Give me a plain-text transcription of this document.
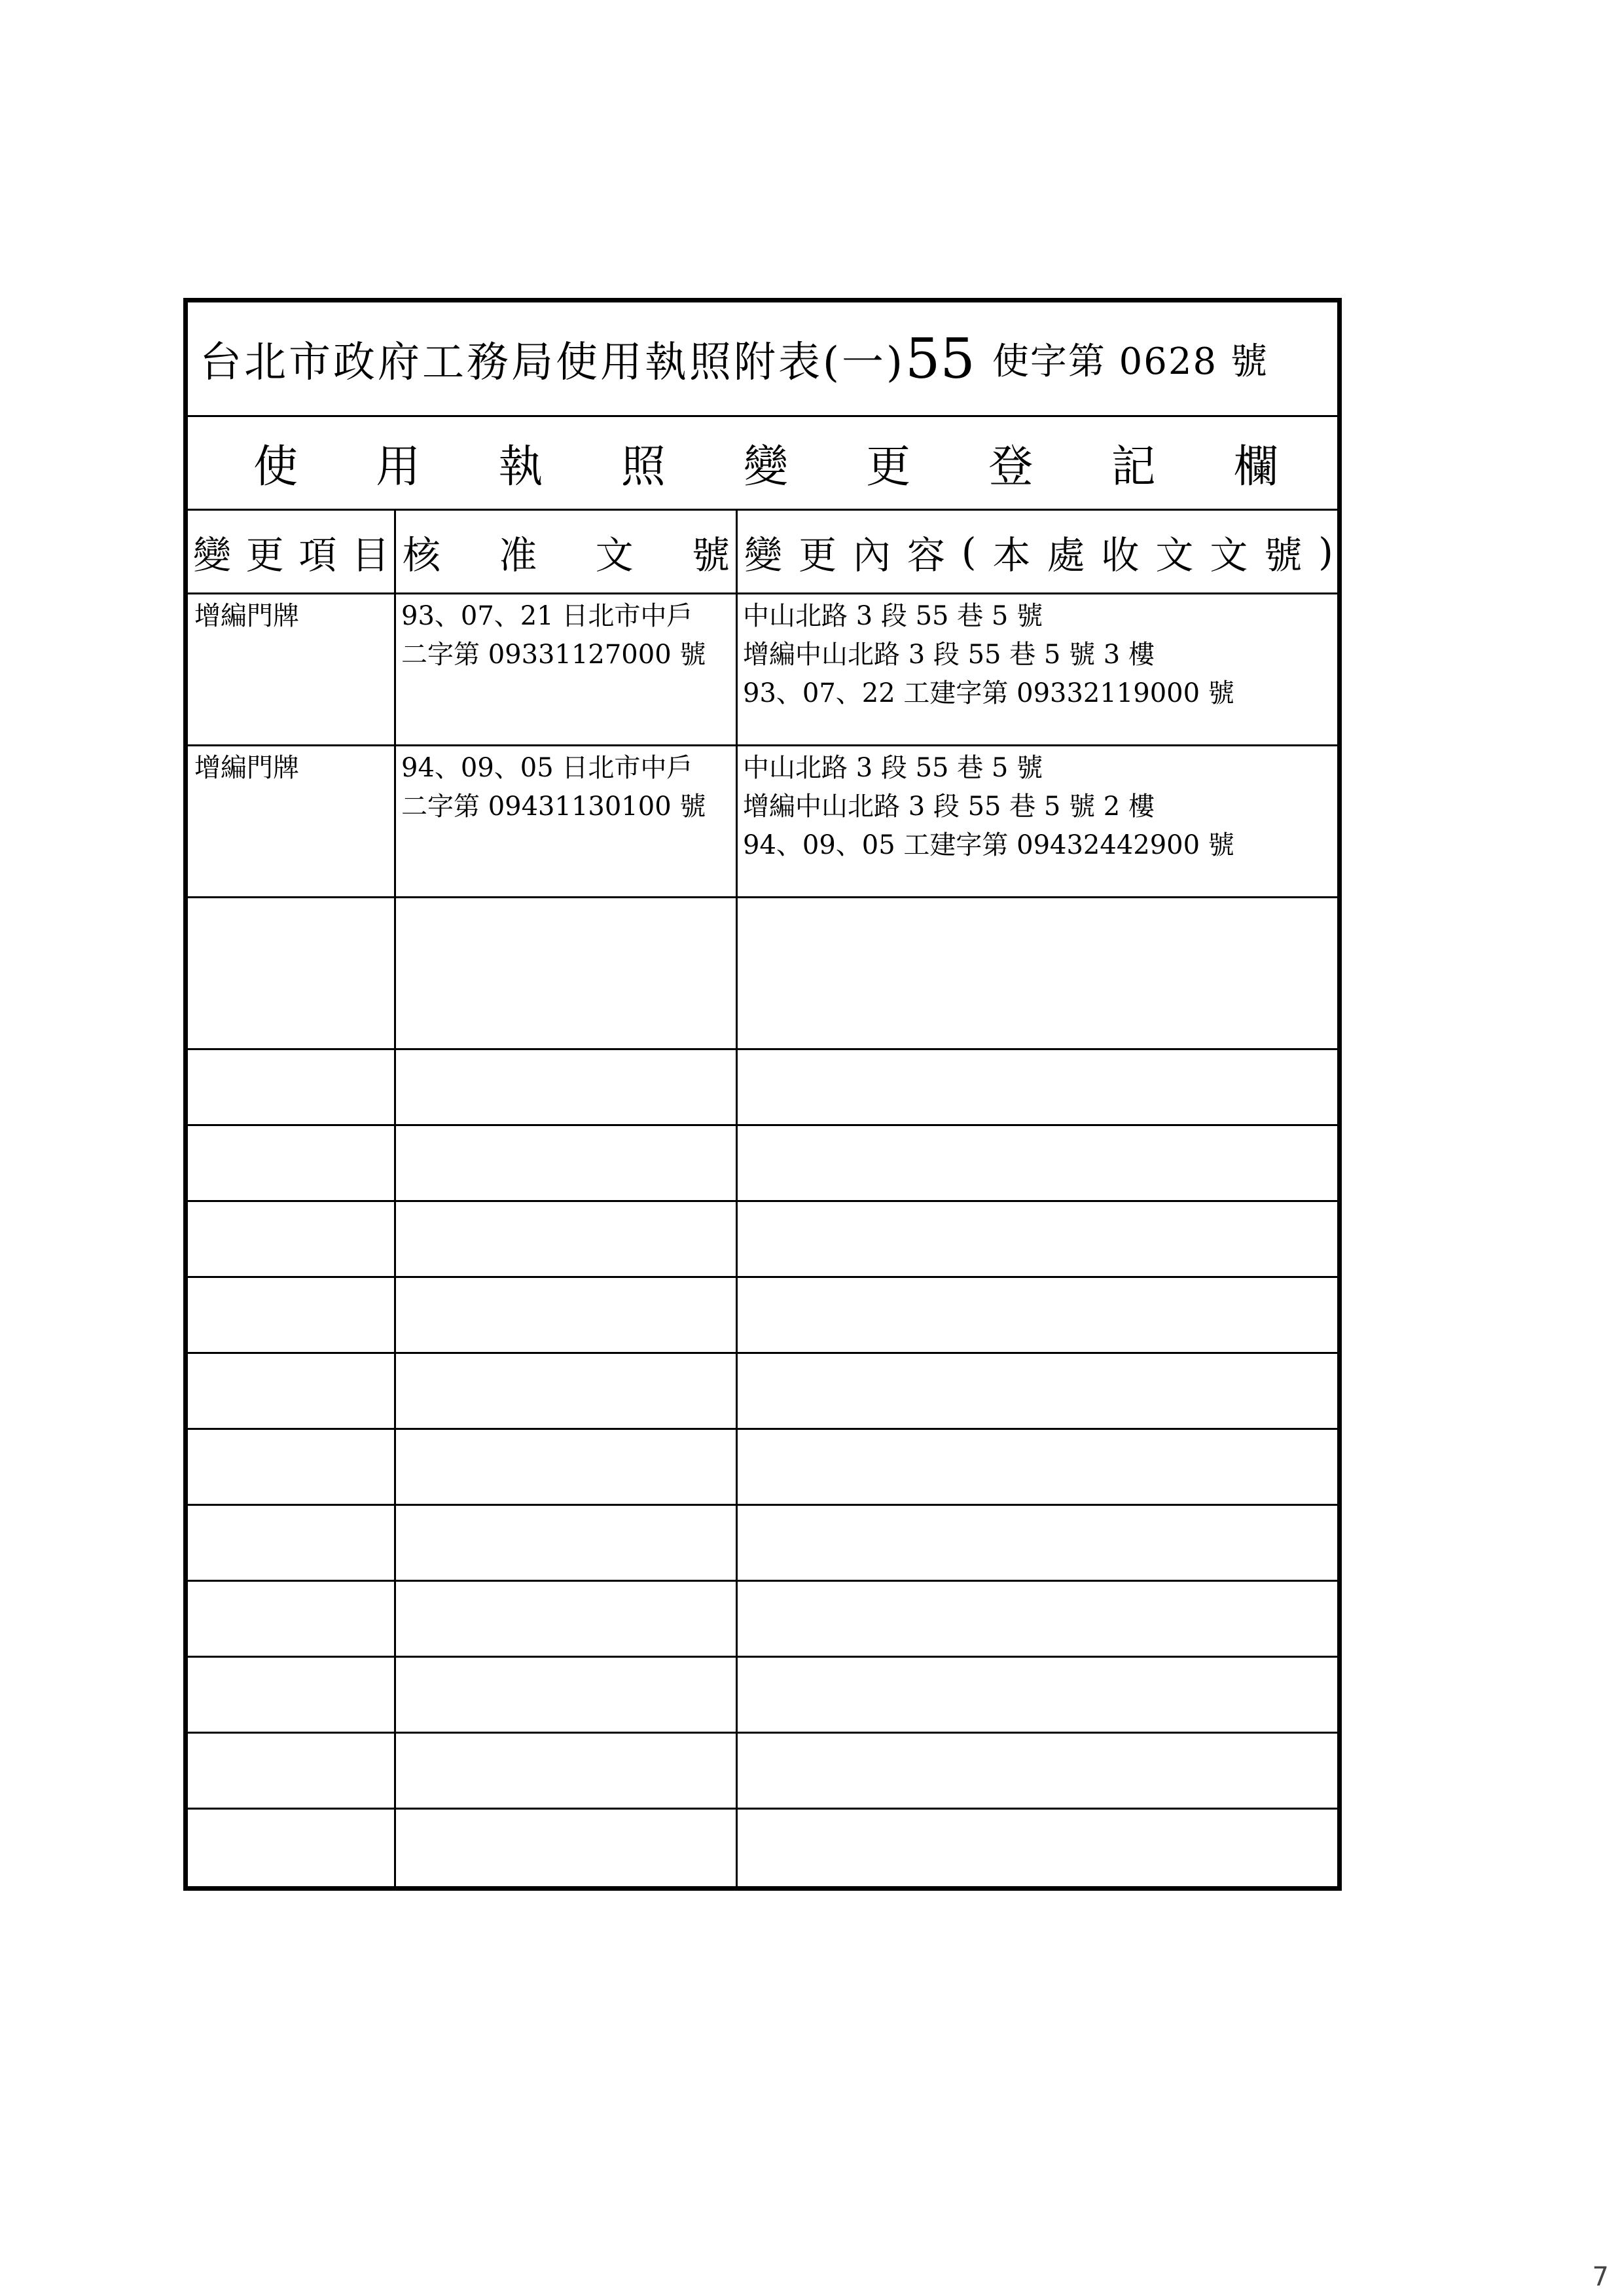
台北市政府工務局使用執照附表(一) 55 使字第 0628 號
使 用 執 照 變 更 登 記 欄
變 更 項 目 核 准 文 號 變 更 內 容 ( 本 處 收 文 文 號 )
增編門牌	93、07、21 日北市中戶
二字第 09331127000 號
中山北路 3 段 55 巷 5 號
增編中山北路 3 段 55 巷 5 號 3 樓
93、07、22 工建字第 09332119000 號
增編門牌	94、09、05 日北市中戶
二字第 09431130100 號
中山北路 3 段 55 巷 5 號
增編中山北路 3 段 55 巷 5 號 2 樓
94、09、05 工建字第 09432442900 號
7
